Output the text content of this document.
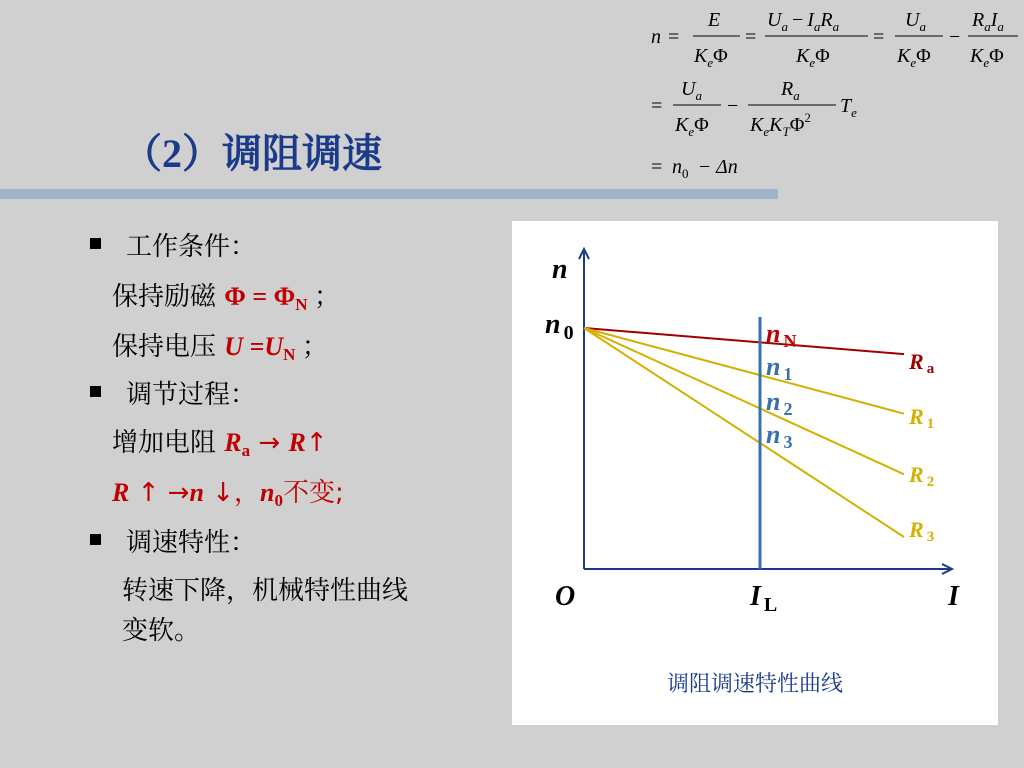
n =
E
$K_e\Phi$
=
$U_a - I_aR_a$
$K_e\Phi$
=
$U_a$
$K_e\Phi$
−
$R_aI_a$
$K_e\Phi$
=
$U_a$
$K_e\Phi$
−
$R_a$
$K_eK_T\Phi^2$
$T_e$
= $n_0 - \Delta n$
（2）调阻调速
工作条件：
保持励磁 $\Phi = \Phi_N$ ；
保持电压 $U =U_N$ ；
调节过程：
增加电阻 $R_a$ → R↑
R ↑ →n ↓，$n_0$不变;
调速特性：
转速下降，机械特性曲线
变软。
R a
R 1
R 2
R 3
n N
n 1
n 2
n 3
n
n $_0$
O	I $_L$	I
调阻调速特性曲线
